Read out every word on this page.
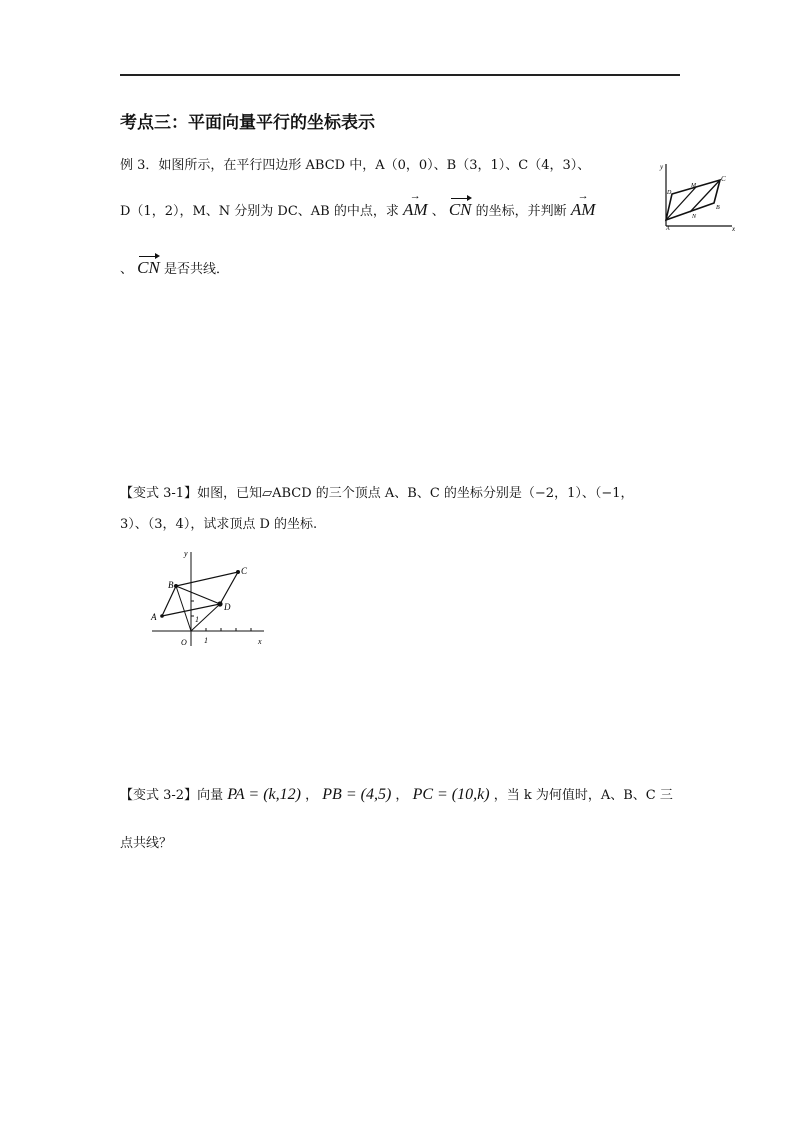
考点三：平面向量平行的坐标表示
例 3．如图所示，在平行四边形 ABCD 中，A（0，0）、B（3，1）、C（4，3）、
D（1，2），M、N 分别为 DC、AB 的中点，求
→
AM 、 CN 的坐标，并判断
→
AM
、 CN 是否共线．
y
x
A
B
C
D
M
N
【变式 3-1】如图，已知▱ABCD 的三个顶点 A、B、C 的坐标分别是（−2，1）、（−1，
3）、（3，4），试求顶点 D 的坐标.
y
x
O 1
1
A
B
C
D
【变式 3-2】向量 PA = (k,12) ， PB = (4,5) ， PC = (10,k) ，当 k 为何值时，A、B、C 三
点共线？
